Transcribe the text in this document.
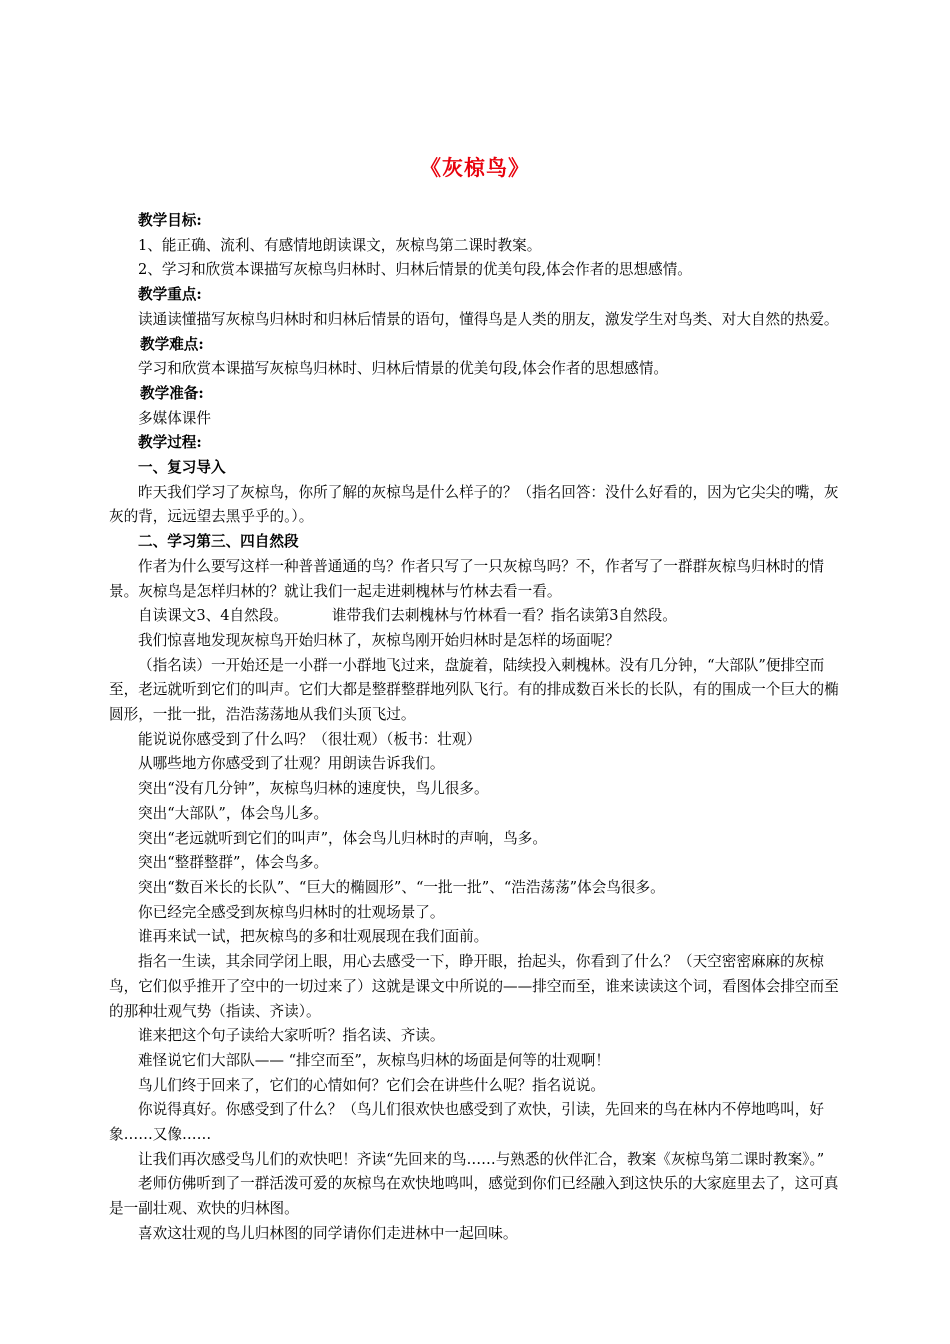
《灰椋鸟》

教学目标:

1、能正确、流利、有感情地朗读课文，灰椋鸟第二课时教案。

2、学习和欣赏本课描写灰椋鸟归林时、归林后情景的优美句段,体会作者的思想感情。

教学重点:

读通读懂描写灰椋鸟归林时和归林后情景的语句，懂得鸟是人类的朋友，激发学生对鸟类、对大自然的热爱。

教学难点:

学习和欣赏本课描写灰椋鸟归林时、归林后情景的优美句段,体会作者的思想感情。

教学准备:

多媒体课件

教学过程:

一、复习导入

昨天我们学习了灰椋鸟，你所了解的灰椋鸟是什么样子的？（指名回答：没什么好看的，因为它尖尖的嘴，灰灰的背，远远望去黑乎乎的。）。

二、学习第三、四自然段

作者为什么要写这样一种普普通通的鸟？作者只写了一只灰椋鸟吗？不，作者写了一群群灰椋鸟归林时的情景。灰椋鸟是怎样归林的？就让我们一起走进刺槐林与竹林去看一看。

自读课文3、4自然段。	谁带我们去刺槐林与竹林看一看？指名读第3自然段。

我们惊喜地发现灰椋鸟开始归林了，灰椋鸟刚开始归林时是怎样的场面呢？

（指名读）一开始还是一小群一小群地飞过来，盘旋着，陆续投入刺槐林。没有几分钟，“大部队”便排空而至，老远就听到它们的叫声。它们大都是整群整群地列队飞行。有的排成数百米长的长队，有的围成一个巨大的椭圆形，一批一批，浩浩荡荡地从我们头顶飞过。

能说说你感受到了什么吗？（很壮观）（板书：壮观）

从哪些地方你感受到了壮观？用朗读告诉我们。

突出“没有几分钟”，灰椋鸟归林的速度快，鸟儿很多。

突出“大部队”，体会鸟儿多。

突出“老远就听到它们的叫声”，体会鸟儿归林时的声响，鸟多。

突出“整群整群”，体会鸟多。

突出“数百米长的长队”、“巨大的椭圆形”、“一批一批”、“浩浩荡荡”体会鸟很多。

你已经完全感受到灰椋鸟归林时的壮观场景了。

谁再来试一试，把灰椋鸟的多和壮观展现在我们面前。

指名一生读，其余同学闭上眼，用心去感受一下，睁开眼，抬起头，你看到了什么？（天空密密麻麻的灰椋鸟，它们似乎推开了空中的一切过来了）这就是课文中所说的——排空而至，谁来读读这个词，看图体会排空而至的那种壮观气势（指读、齐读）。

谁来把这个句子读给大家听听？指名读、齐读。

难怪说它们大部队—— “排空而至”，灰椋鸟归林的场面是何等的壮观啊！

鸟儿们终于回来了，它们的心情如何？它们会在讲些什么呢？指名说说。

你说得真好。你感受到了什么？（鸟儿们很欢快也感受到了欢快，引读，先回来的鸟在林内不停地鸣叫，好象……又像……

让我们再次感受鸟儿们的欢快吧！齐读“先回来的鸟……与熟悉的伙伴汇合，教案《灰椋鸟第二课时教案》。”

老师仿佛听到了一群活泼可爱的灰椋鸟在欢快地鸣叫，感觉到你们已经融入到这快乐的大家庭里去了，这可真是一副壮观、欢快的归林图。

喜欢这壮观的鸟儿归林图的同学请你们走进林中一起回味。
